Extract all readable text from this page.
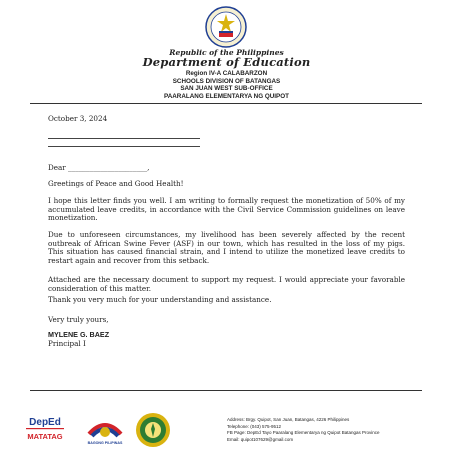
Republic of the Philippines
Department of Education
Region IV-A CALABARZON
SCHOOLS DIVISION OF BATANGAS
SAN JUAN WEST SUB-OFFICE
PAARALANG ELEMENTARYA NG QUIPOT
October 3, 2024
Dear ______________________,
Greetings of Peace and Good Health!
I hope this letter finds you well. I am writing to formally request the monetization of 50% of my accumulated leave credits, in accordance with the Civil Service Commission guidelines on leave monetization.
Due to unforeseen circumstances, my livelihood has been severely affected by the recent outbreak of African Swine Fever (ASF) in our town, which has resulted in the loss of my pigs. This situation has caused financial strain, and I intend to utilize the monetized leave credits to restart again and recover from this setback.
Attached are the necessary document to support my request. I would appreciate your favorable consideration of this matter.
Thank you very much for your understanding and assistance.
Very truly yours,
MYLENE G. BAEZ
Principal I
DepEd
MATATAG
BAGONG PILIPINAS
Address: Brgy. Quipot, San Juan, Batangas, 4226 Philippines
Telephone: (043) 575-9512
FB Page: DepEd Tayo Paaralang Elementarya ng Quipot Batangas Province
Email: quipot107629@gmail.com
